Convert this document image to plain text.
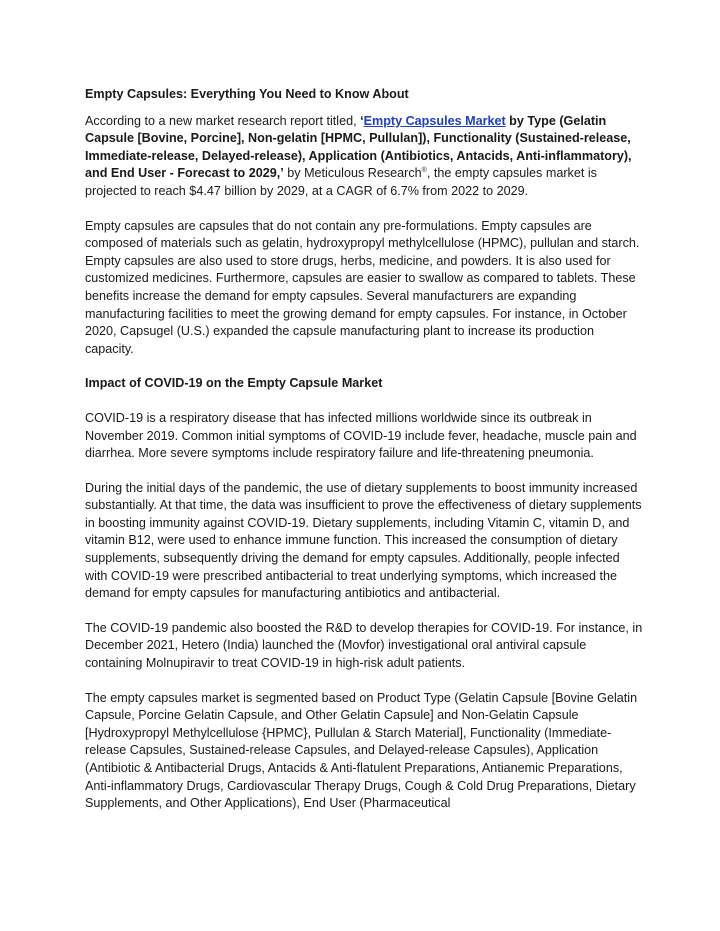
Empty Capsules: Everything You Need to Know About

According to a new market research report titled, ‘Empty Capsules Market by Type (Gelatin Capsule [Bovine, Porcine], Non-gelatin [HPMC, Pullulan]), Functionality (Sustained-release, Immediate-release, Delayed-release), Application (Antibiotics, Antacids, Anti-inflammatory), and End User - Forecast to 2029,’ by Meticulous Research®, the empty capsules market is projected to reach $4.47 billion by 2029, at a CAGR of 6.7% from 2022 to 2029.

Empty capsules are capsules that do not contain any pre-formulations. Empty capsules are composed of materials such as gelatin, hydroxypropyl methylcellulose (HPMC), pullulan and starch. Empty capsules are also used to store drugs, herbs, medicine, and powders. It is also used for customized medicines. Furthermore, capsules are easier to swallow as compared to tablets. These benefits increase the demand for empty capsules. Several manufacturers are expanding manufacturing facilities to meet the growing demand for empty capsules. For instance, in October 2020, Capsugel (U.S.) expanded the capsule manufacturing plant to increase its production capacity.

Impact of COVID-19 on the Empty Capsule Market

COVID-19 is a respiratory disease that has infected millions worldwide since its outbreak in November 2019. Common initial symptoms of COVID-19 include fever, headache, muscle pain and diarrhea. More severe symptoms include respiratory failure and life-threatening pneumonia.

During the initial days of the pandemic, the use of dietary supplements to boost immunity increased substantially. At that time, the data was insufficient to prove the effectiveness of dietary supplements in boosting immunity against COVID-19. Dietary supplements, including Vitamin C, vitamin D, and vitamin B12, were used to enhance immune function. This increased the consumption of dietary supplements, subsequently driving the demand for empty capsules. Additionally, people infected with COVID-19 were prescribed antibacterial to treat underlying symptoms, which increased the demand for empty capsules for manufacturing antibiotics and antibacterial.

The COVID-19 pandemic also boosted the R&D to develop therapies for COVID-19. For instance, in December 2021, Hetero (India) launched the (Movfor) investigational oral antiviral capsule containing Molnupiravir to treat COVID-19 in high-risk adult patients.

The empty capsules market is segmented based on Product Type (Gelatin Capsule [Bovine Gelatin Capsule, Porcine Gelatin Capsule, and Other Gelatin Capsule] and Non-Gelatin Capsule [Hydroxypropyl Methylcellulose {HPMC}, Pullulan & Starch Material], Functionality (Immediate-release Capsules, Sustained-release Capsules, and Delayed-release Capsules), Application (Antibiotic & Antibacterial Drugs, Antacids & Anti-flatulent Preparations, Antianemic Preparations, Anti-inflammatory Drugs, Cardiovascular Therapy Drugs, Cough & Cold Drug Preparations, Dietary Supplements, and Other Applications), End User (Pharmaceutical
